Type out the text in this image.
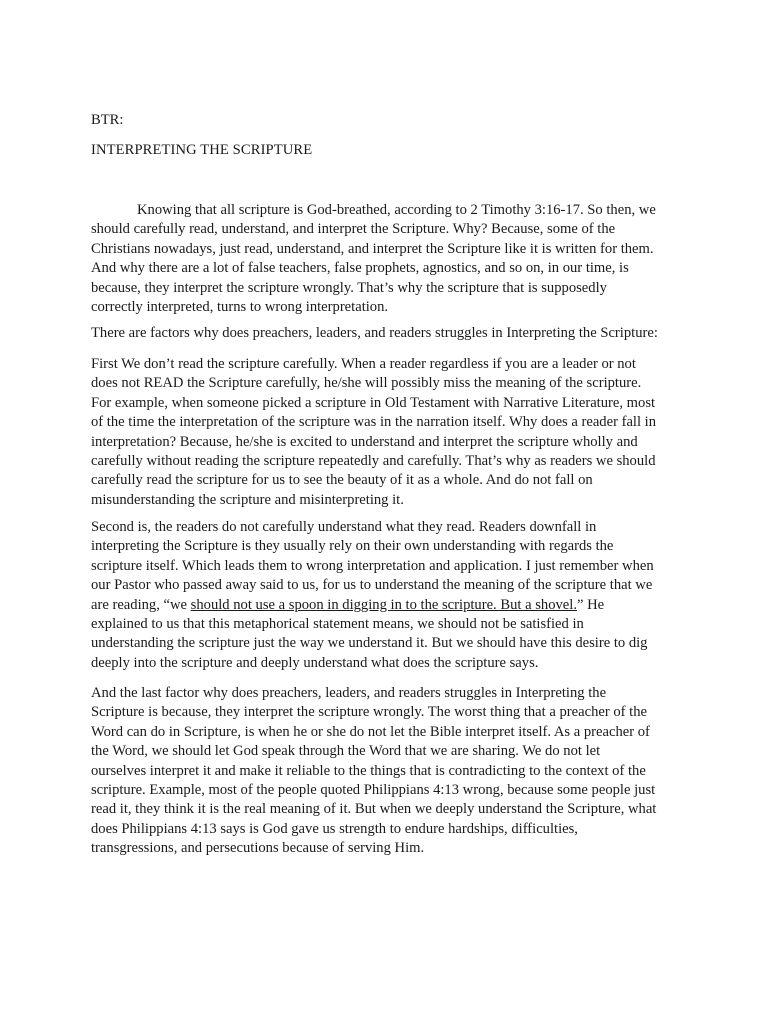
BTR:

INTERPRETING THE SCRIPTURE
Knowing that all scripture is God-breathed, according to 2 Timothy 3:16-17. So then, we
should carefully read, understand, and interpret the Scripture. Why? Because, some of the
Christians nowadays, just read, understand, and interpret the Scripture like it is written for them.
And why there are a lot of false teachers, false prophets, agnostics, and so on, in our time, is
because, they interpret the scripture wrongly. That’s why the scripture that is supposedly
correctly interpreted, turns to wrong interpretation.
There are factors why does preachers, leaders, and readers struggles in Interpreting the Scripture:
First We don’t read the scripture carefully. When a reader regardless if you are a leader or not
does not READ the Scripture carefully, he/she will possibly miss the meaning of the scripture.
For example, when someone picked a scripture in Old Testament with Narrative Literature, most
of the time the interpretation of the scripture was in the narration itself. Why does a reader fall in
interpretation? Because, he/she is excited to understand and interpret the scripture wholly and
carefully without reading the scripture repeatedly and carefully. That’s why as readers we should
carefully read the scripture for us to see the beauty of it as a whole. And do not fall on
misunderstanding the scripture and misinterpreting it.
Second is, the readers do not carefully understand what they read. Readers downfall in
interpreting the Scripture is they usually rely on their own understanding with regards the
scripture itself. Which leads them to wrong interpretation and application. I just remember when
our Pastor who passed away said to us, for us to understand the meaning of the scripture that we
are reading, “we should not use a spoon in digging in to the scripture. But a shovel.” He
explained to us that this metaphorical statement means, we should not be satisfied in
understanding the scripture just the way we understand it. But we should have this desire to dig
deeply into the scripture and deeply understand what does the scripture says.
And the last factor why does preachers, leaders, and readers struggles in Interpreting the
Scripture is because, they interpret the scripture wrongly. The worst thing that a preacher of the
Word can do in Scripture, is when he or she do not let the Bible interpret itself. As a preacher of
the Word, we should let God speak through the Word that we are sharing. We do not let
ourselves interpret it and make it reliable to the things that is contradicting to the context of the
scripture. Example, most of the people quoted Philippians 4:13 wrong, because some people just
read it, they think it is the real meaning of it. But when we deeply understand the Scripture, what
does Philippians 4:13 says is God gave us strength to endure hardships, difficulties,
transgressions, and persecutions because of serving Him.
